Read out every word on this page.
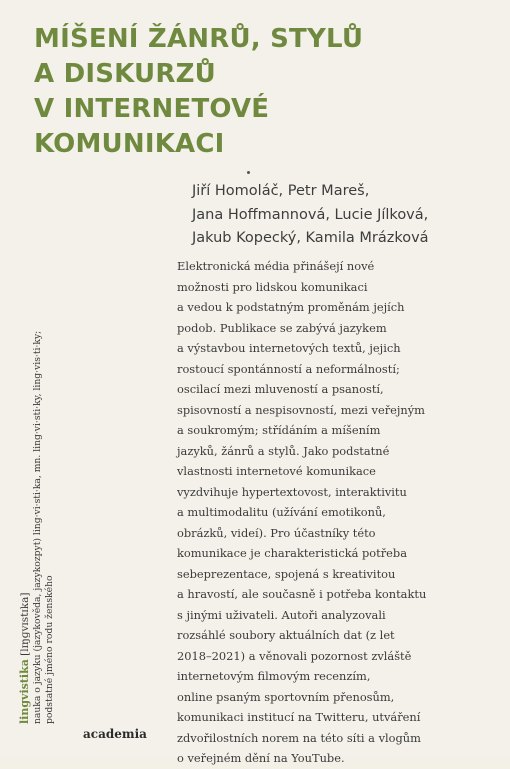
MÍŠENÍ ŽÁNRŮ, STYLŮ
A DISKURZŮ
V INTERNETOVÉ
KOMUNIKACI
Jiří Homoláč, Petr Mareš,
Jana Hoffmannová, Lucie Jílková,
Jakub Kopecký, Kamila Mrázková
Elektronická média přinášejí nové
možnosti pro lidskou komunikaci
a vedou k podstatným proměnám jejích
podob. Publikace se zabývá jazykem
a výstavbou internetových textů, jejich
rostoucí spontánností a neformálností;
oscilací mezi mluveností a psaností,
spisovností a nespisovností, mezi veřejným
a soukromým; střídáním a míšením
jazyků, žánrů a stylů. Jako podstatné
vlastnosti internetové komunikace
vyzdvihuje hypertextovost, interaktivitu
a multimodalitu (užívání emotikonů,
obrázků, videí). Pro účastníky této
komunikace je charakteristická potřeba
sebeprezentace, spojená s kreativitou
a hravostí, ale současně i potřeba kontaktu
s jinými uživateli. Autoři analyzovali
rozsáhlé soubory aktuálních dat (z let
2018–2021) a věnovali pozornost zvláště
internetovým filmovým recenzím,
online psaným sportovním přenosům,
komunikaci institucí na Twitteru, utváření
zdvořilostních norem na této síti a vlogům
o veřejném dění na YouTube.
lingvistika [lɪŋɡvɪstɪka] nauka o jazyku (jazykověda, jazykozpyt) ling·vi·sti·ka, mn. ling·vi·sti·ky, ling·vis·ti·ky; podstatné jméno rodu ženského
academia
